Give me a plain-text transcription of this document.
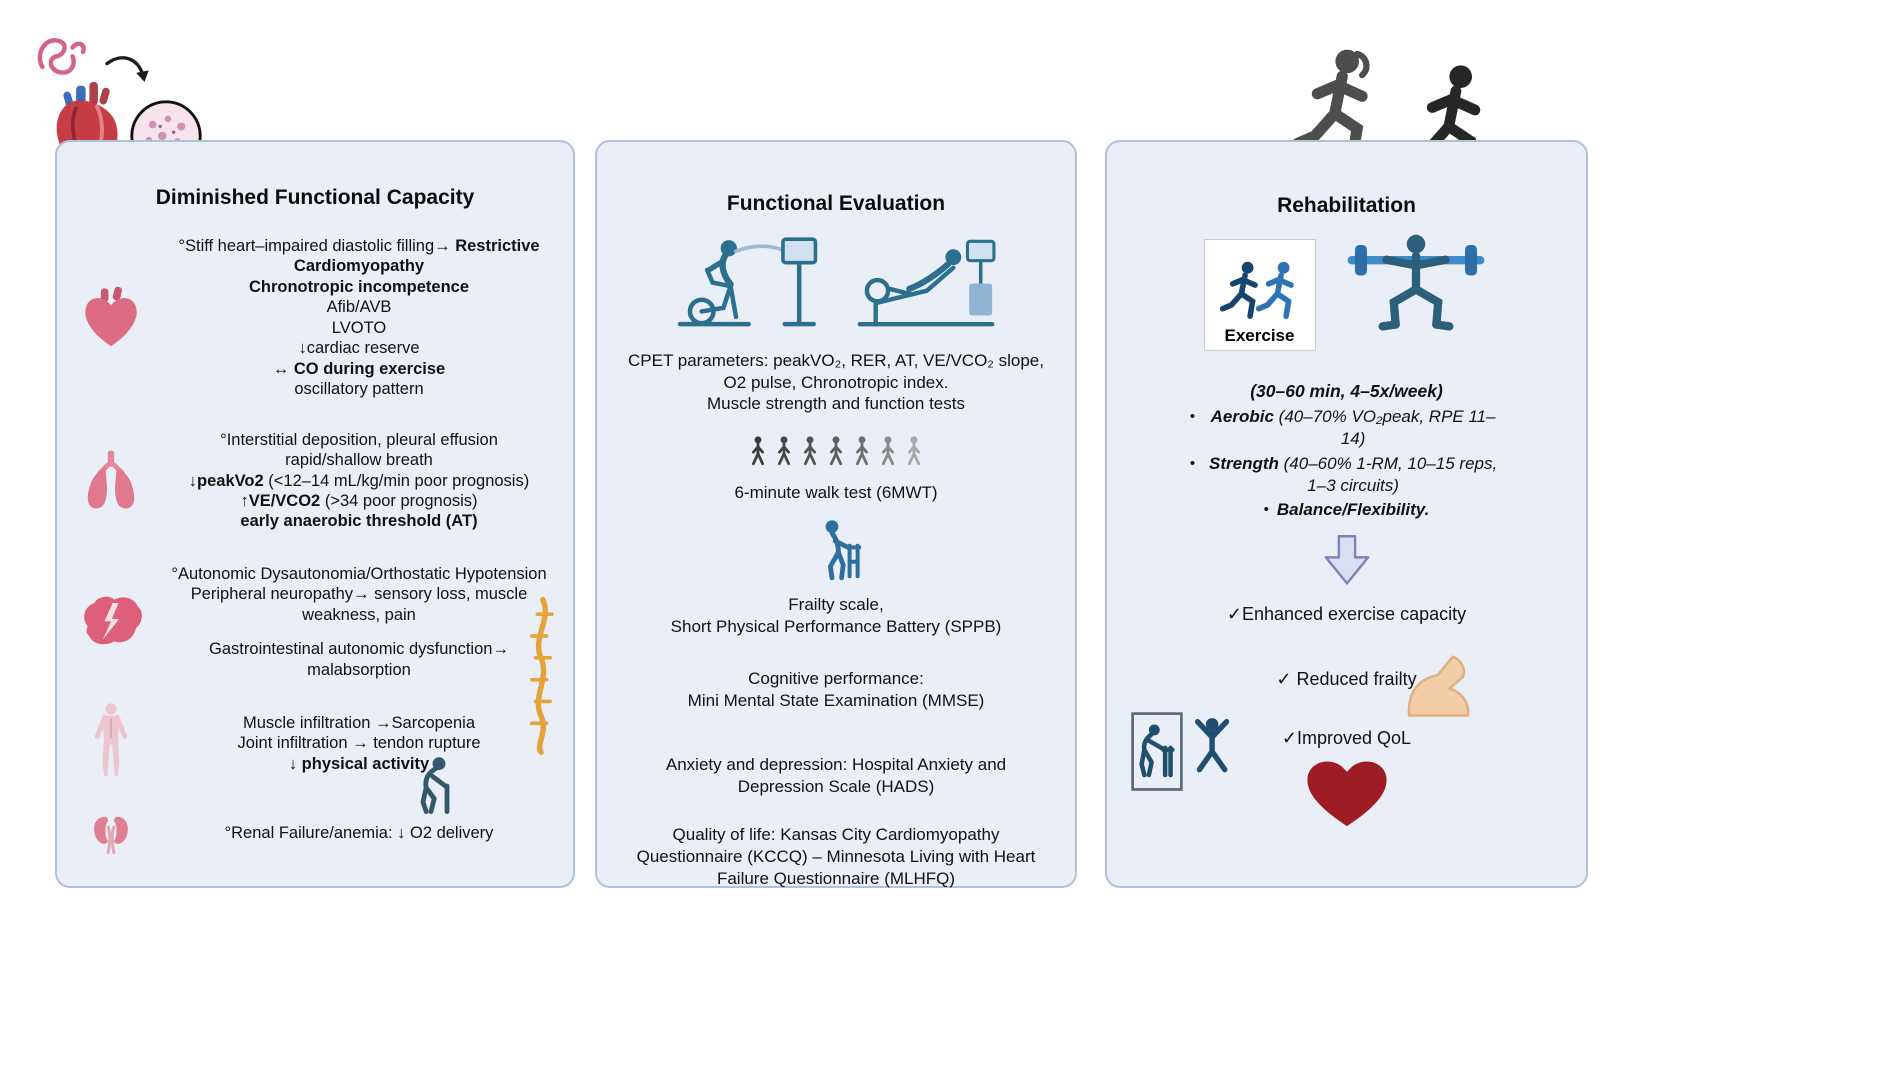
Diminished Functional Capacity
°Stiff heart–impaired diastolic filling→ Restrictive Cardiomyopathy
Chronotropic incompetence
Afib/AVB
LVOTO
↓cardiac reserve
↔ CO during exercise
oscillatory pattern
°Interstitial deposition, pleural effusion
rapid/shallow breath
↓peakVo2 (<12–14 mL/kg/min poor prognosis)
↑VE/VCO2 (>34 poor prognosis)
early anaerobic threshold (AT)
°Autonomic Dysautonomia/Orthostatic Hypotension
Peripheral neuropathy→ sensory loss, muscle weakness, pain
Gastrointestinal autonomic dysfunction→ malabsorption
Muscle infiltration →Sarcopenia
Joint infiltration → tendon rupture
↓ physical activity
°Renal Failure/anemia: ↓ O2 delivery
Functional Evaluation
CPET parameters: peakVO₂, RER, AT, VE/VCO₂ slope, O2 pulse, Chronotropic index.
Muscle strength and function tests
6-minute walk test (6MWT)
Frailty scale,
Short Physical Performance Battery (SPPB)
Cognitive performance:
Mini Mental State Examination (MMSE)
Anxiety and depression: Hospital Anxiety and Depression Scale (HADS)
Quality of life: Kansas City Cardiomyopathy Questionnaire (KCCQ) – Minnesota Living with Heart Failure Questionnaire (MLHFQ)
Rehabilitation
Exercise
(30–60 min, 4–5x/week)
• Aerobic (40–70% VO₂peak, RPE 11–14)
• Strength (40–60% 1-RM, 10–15 reps, 1–3 circuits)
• Balance/Flexibility.
✓Enhanced exercise capacity
✓ Reduced frailty
✓Improved QoL
